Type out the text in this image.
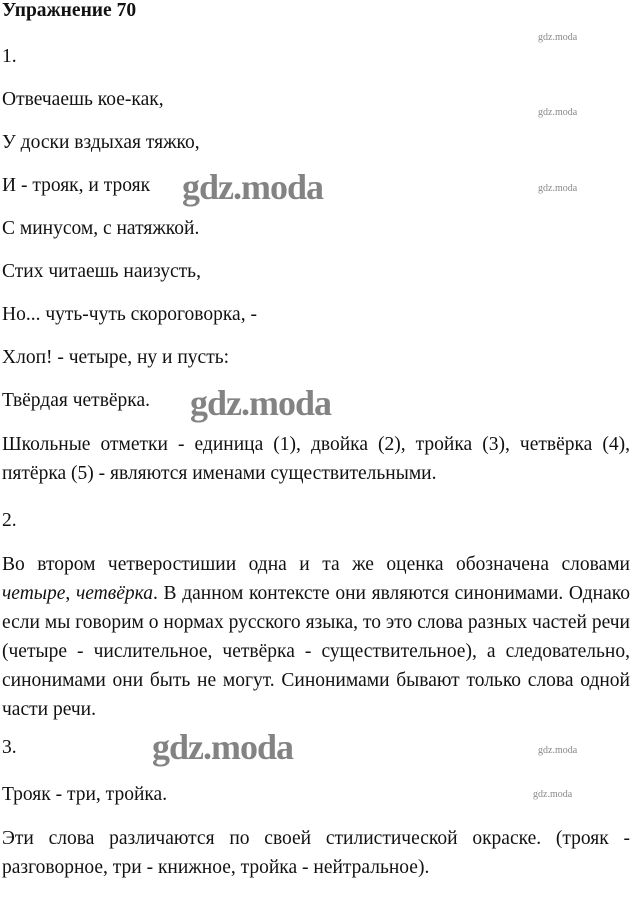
Упражнение 70
1.
Отвечаешь кое-как,
У доски вздыхая тяжко,
И - трояк, и трояк
С минусом, с натяжкой.
Стих читаешь наизусть,
Но... чуть-чуть скороговорка, -
Хлоп! - четыре, ну и пусть:
Твёрдая четвёрка.
Школьные отметки - единица (1), двойка (2), тройка (3), четвёрка (4), пятёрка (5) - являются именами существительными.
2.
Во втором четверостишии одна и та же оценка обозначена словами четыре, четвёрка. В данном контексте они являются синонимами. Однако если мы говорим о нормах русского языка, то это слова разных частей речи (четыре - числительное, четвёрка - существительное), а следовательно, синонимами они быть не могут. Синонимами бывают только слова одной части речи.
3.
Трояк - три, тройка.
Эти слова различаются по своей стилистической окраске. (трояк - разговорное, три - книжное, тройка - нейтральное).
gdz.moda
gdz.moda
gdz.moda
gdz.moda
gdz.moda
gdz.moda
gdz.moda
gdz.moda
